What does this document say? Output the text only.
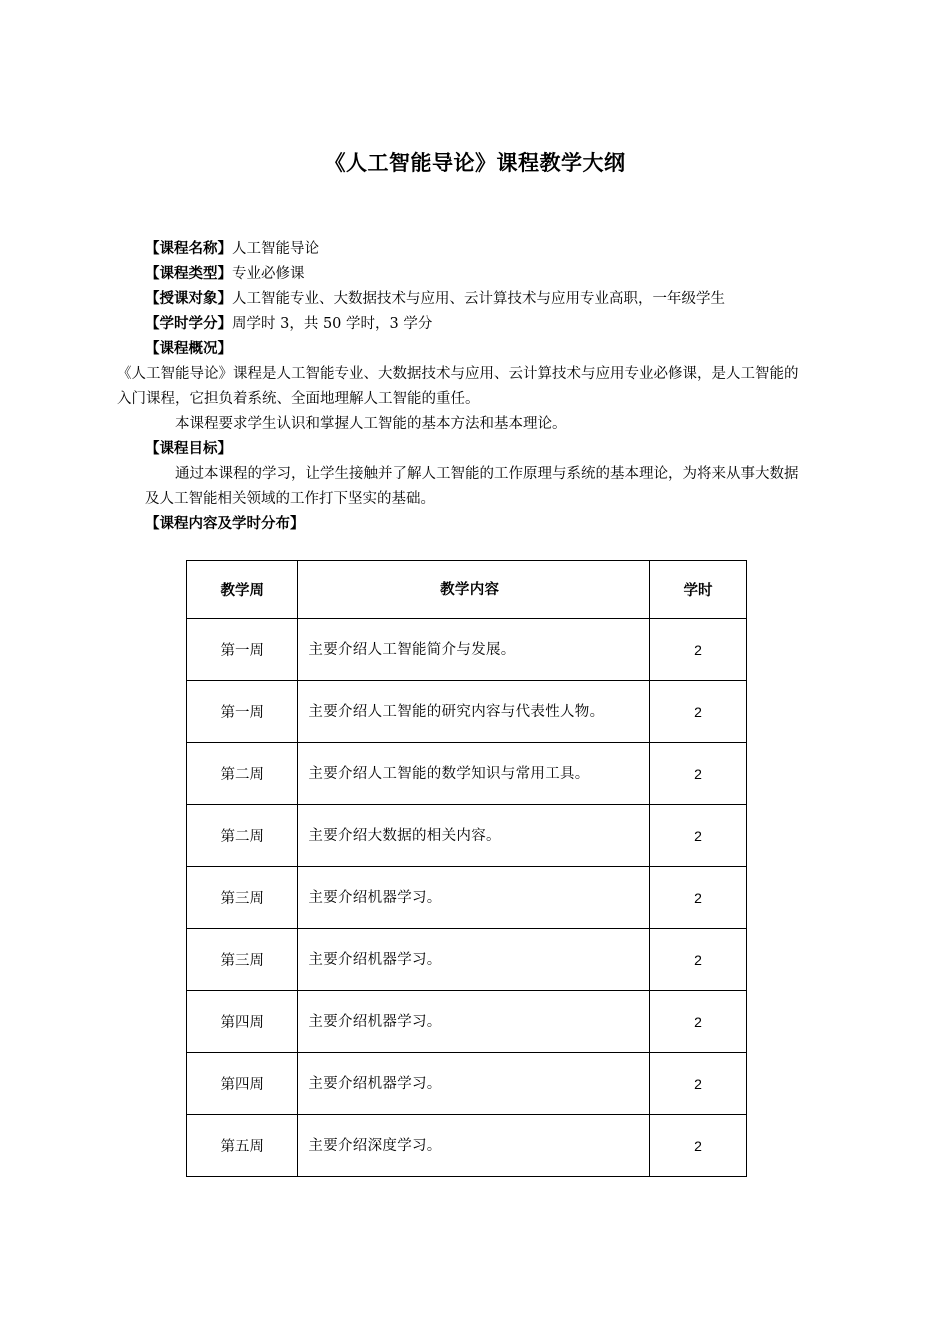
《人工智能导论》课程教学大纲
【课程名称】人工智能导论
【课程类型】专业必修课
【授课对象】人工智能专业、大数据技术与应用、云计算技术与应用专业高职，一年级学生
【学时学分】周学时 3，共 50 学时，3 学分
【课程概况】
《人工智能导论》课程是人工智能专业、大数据技术与应用、云计算技术与应用专业必修课，是人工智能的入门课程，它担负着系统、全面地理解人工智能的重任。
本课程要求学生认识和掌握人工智能的基本方法和基本理论。
【课程目标】
通过本课程的学习，让学生接触并了解人工智能的工作原理与系统的基本理论，为将来从事大数据及人工智能相关领域的工作打下坚实的基础。
【课程内容及学时分布】
教学周	教学内容	学时
第一周	主要介绍人工智能简介与发展。	2
第一周	主要介绍人工智能的研究内容与代表性人物。	2
第二周	主要介绍人工智能的数学知识与常用工具。	2
第二周	主要介绍大数据的相关内容。	2
第三周	主要介绍机器学习。	2
第三周	主要介绍机器学习。	2
第四周	主要介绍机器学习。	2
第四周	主要介绍机器学习。	2
第五周	主要介绍深度学习。	2
